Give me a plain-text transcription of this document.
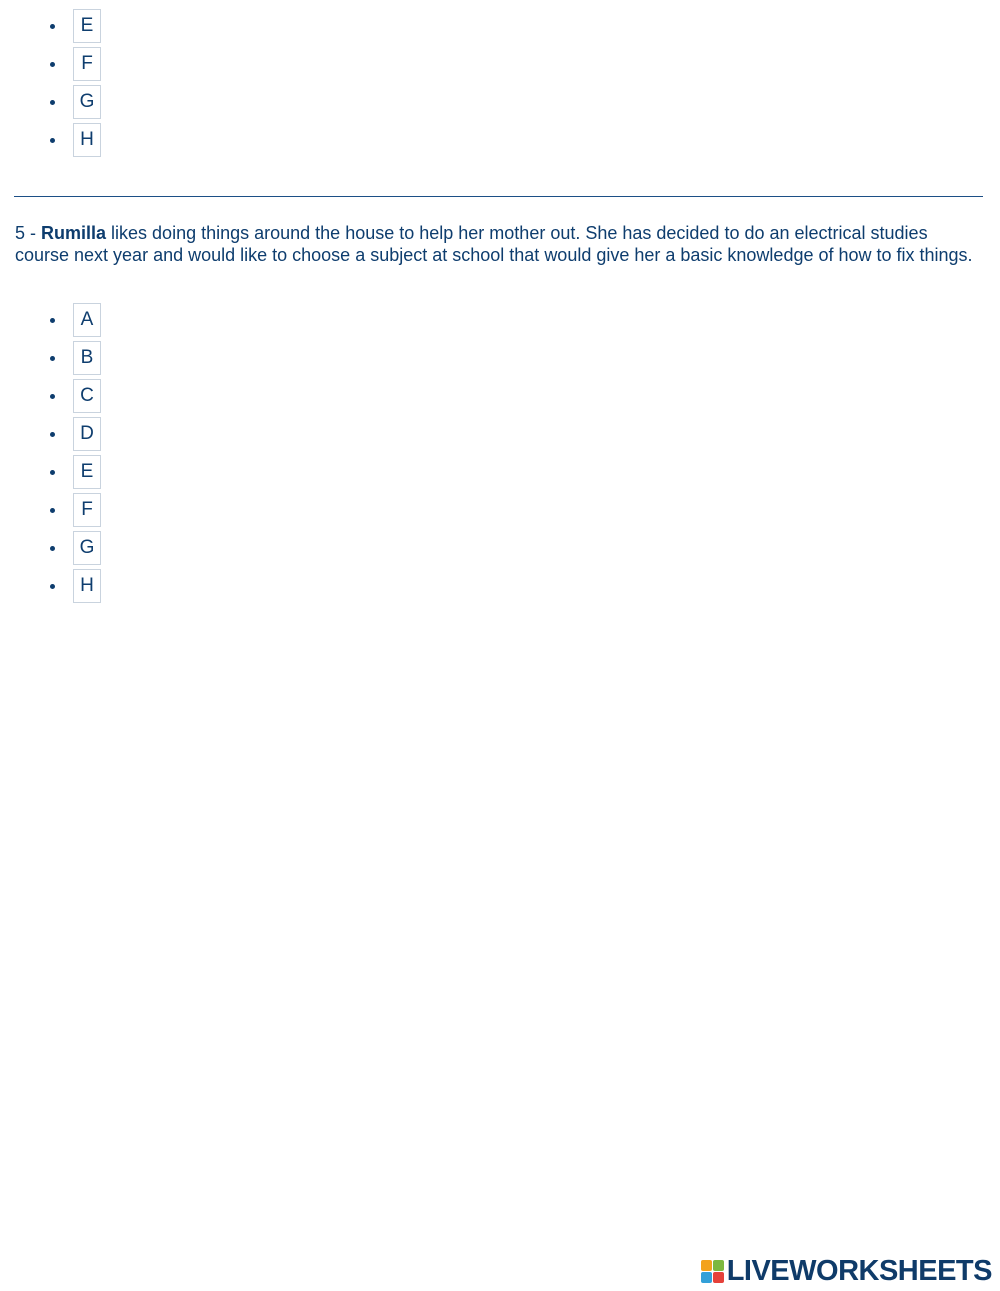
E
F
G
H

5 - Rumilla likes doing things around the house to help her mother out. She has decided to do an electrical studies course next year and would like to choose a subject at school that would give her a basic knowledge of how to fix things.

A
B
C
D
E
F
G
H
LIVEWORKSHEETS
